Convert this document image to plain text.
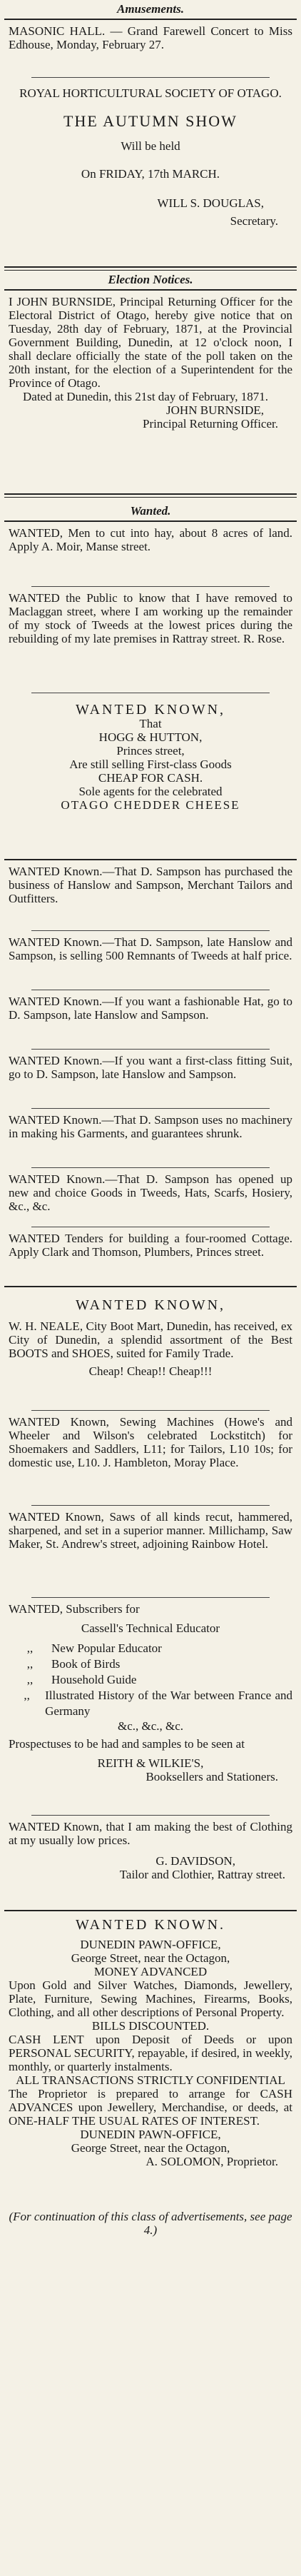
Amusements.
MASONIC HALL. — Grand Farewell Concert to Miss Edhouse, Monday, February 27.
ROYAL HORTICULTURAL SOCIETY OF OTAGO.
THE AUTUMN SHOW
Will be held
On FRIDAY, 17th MARCH.
WILL S. DOUGLAS,
Secretary.
Election Notices.
I JOHN BURNSIDE, Principal Returning Officer for the Electoral District of Otago, hereby give notice that on Tuesday, 28th day of February, 1871, at the Provincial Government Building, Dunedin, at 12 o'clock noon, I shall declare officially the state of the poll taken on the 20th instant, for the election of a Superintendent for the Province of Otago.
Dated at Dunedin, this 21st day of February, 1871.
JOHN BURNSIDE,
Principal Returning Officer.
Wanted.
WANTED, Men to cut into hay, about 8 acres of land. Apply A. Moir, Manse street.
WANTED the Public to know that I have removed to Maclaggan street, where I am working up the remainder of my stock of Tweeds at the lowest prices during the rebuilding of my late premises in Rattray street. R. Rose.
WANTED KNOWN,
That
HOGG & HUTTON,
Princes street,
Are still selling First-class Goods
CHEAP FOR CASH.
Sole agents for the celebrated
OTAGO CHEDDER CHEESE
WANTED Known.—That D. Sampson has purchased the business of Hanslow and Sampson, Merchant Tailors and Outfitters.
WANTED Known.—That D. Sampson, late Hanslow and Sampson, is selling 500 Remnants of Tweeds at half price.
WANTED Known.—If you want a fashionable Hat, go to D. Sampson, late Hanslow and Sampson.
WANTED Known.—If you want a first-class fitting Suit, go to D. Sampson, late Hanslow and Sampson.
WANTED Known.—That D. Sampson uses no machinery in making his Garments, and guarantees shrunk.
WANTED Known.—That D. Sampson has opened up new and choice Goods in Tweeds, Hats, Scarfs, Hosiery, &c., &c.
WANTED Tenders for building a four-roomed Cottage. Apply Clark and Thomson, Plumbers, Princes street.
WANTED KNOWN,
W. H. NEALE, City Boot Mart, Dunedin, has received, ex City of Dunedin, a splendid assortment of the Best BOOTS and SHOES, suited for Family Trade.
Cheap! Cheap!! Cheap!!!
WANTED Known, Sewing Machines (Howe's and Wheeler and Wilson's celebrated Lockstitch) for Shoemakers and Saddlers, L11; for Tailors, L10 10s; for domestic use, L10. J. Hambleton, Moray Place.
WANTED Known, Saws of all kinds recut, hammered, sharpened, and set in a superior manner. Millichamp, Saw Maker, St. Andrew's street, adjoining Rainbow Hotel.
WANTED, Subscribers for
Cassell's Technical Educator
,,	New Popular Educator
,,	Book of Birds
,,	Household Guide
,,	Illustrated History of the War between France and Germany
&c., &c., &c.
Prospectuses to be had and samples to be seen at
REITH & WILKIE'S,
Booksellers and Stationers.
WANTED Known, that I am making the best of Clothing at my usually low prices.
G. DAVIDSON,
Tailor and Clothier, Rattray street.
WANTED KNOWN.
DUNEDIN PAWN-OFFICE,
George Street, near the Octagon,
MONEY ADVANCED
Upon Gold and Silver Watches, Diamonds, Jewellery, Plate, Furniture, Sewing Machines, Firearms, Books, Clothing, and all other descriptions of Personal Property.
BILLS DISCOUNTED.
CASH LENT upon Deposit of Deeds or upon PERSONAL SECURITY, repayable, if desired, in weekly, monthly, or quarterly instalments.
ALL TRANSACTIONS STRICTLY CONFIDENTIAL
The Proprietor is prepared to arrange for CASH ADVANCES upon Jewellery, Merchandise, or deeds, at ONE-HALF THE USUAL RATES OF INTEREST.
DUNEDIN PAWN-OFFICE,
George Street, near the Octagon,
A. SOLOMON, Proprietor.
(For continuation of this class of advertisements, see page 4.)
